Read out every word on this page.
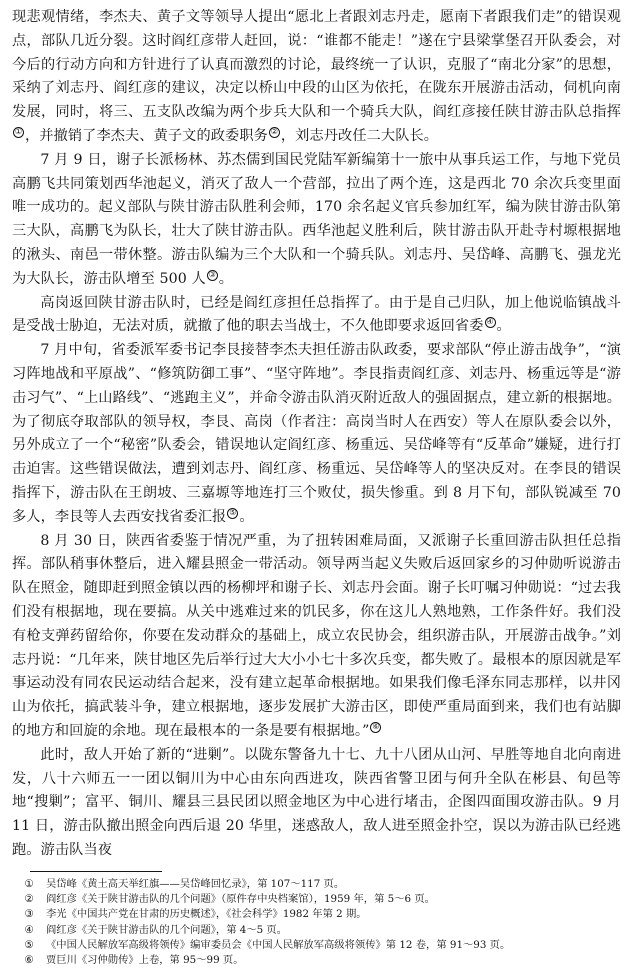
现悲观情绪，李杰夫、黄子文等领导人提出“愿北上者跟刘志丹走，愿南下者跟我们走”的错误观点，部队几近分裂。这时阎红彦带人赶回，说：“谁都不能走！”遂在宁县梁掌堡召开队委会，对今后的行动方向和方针进行了认真而激烈的讨论，最终统一了认识，克服了“南北分家”的思想，采纳了刘志丹、阎红彦的建议，决定以桥山中段的山区为依托，在陇东开展游击活动，伺机向南发展，同时，将三、五支队改编为两个步兵大队和一个骑兵大队，阎红彦接任陕甘游击队总指挥① ，并撤销了李杰夫、黄子文的政委职务 ② ，刘志丹改任二大队长。

7 月 9 日，谢子长派杨林、苏杰儒到国民党陆军新编第十一旅中从事兵运工作，与地下党员高鹏飞共同策划西华池起义，消灭了敌人一个营部，拉出了两个连，这是西北 70 余次兵变里面唯一成功的。起义部队与陕甘游击队胜利会师，170 余名起义官兵参加红军，编为陕甘游击队第三大队，高鹏飞为队长，壮大了陕甘游击队。西华池起义胜利后，陕甘游击队开赴寺村塬根据地的湫头、南邑一带休整。游击队编为三个大队和一个骑兵队。刘志丹、吴岱峰、高鹏飞、强龙光为大队长，游击队增至 500 人 ③ 。

高岗返回陕甘游击队时，已经是阎红彦担任总指挥了。由于是自己归队，加上他说临镇战斗是受战士胁迫，无法对质，就撤了他的职去当战士，不久他即要求返回省委 ④ 。

7 月中旬，省委派军委书记李艮接替李杰夫担任游击队政委，要求部队“停止游击战争”，“演习阵地战和平原战”、“修筑防御工事”、“坚守阵地”。李艮指责阎红彦、刘志丹、杨重远等是“游击习气”、“上山路线”、“逃跑主义”，并命令游击队消灭附近敌人的强固据点，建立新的根据地。为了彻底夺取部队的领导权，李艮、高岗（作者注：高岗当时人在西安）等人在原队委会以外，另外成立了一个“秘密”队委会，错误地认定阎红彦、杨重远、吴岱峰等有“反革命”嫌疑，进行打击迫害。这些错误做法，遭到刘志丹、阎红彦、杨重远、吴岱峰等人的坚决反对。在李艮的错误指挥下，游击队在王朗坡、三嘉塬等地连打三个败仗，损失惨重。到 8 月下旬，部队锐减至 70 多人，李艮等人去西安找省委汇报 ⑤ 。

8 月 30 日，陕西省委鉴于情况严重，为了扭转困难局面，又派谢子长重回游击队担任总指挥。部队稍事休整后，进入耀县照金一带活动。领导两当起义失败后返回家乡的习仲勋听说游击队在照金，随即赶到照金镇以西的杨柳坪和谢子长、刘志丹会面。谢子长叮嘱习仲勋说：“过去我们没有根据地，现在要搞。从关中逃难过来的饥民多，你在这儿人熟地熟，工作条件好。我们没有枪支弹药留给你，你要在发动群众的基础上，成立农民协会，组织游击队，开展游击战争。”刘志丹说：“几年来，陕甘地区先后举行过大大小小七十多次兵变，都失败了。最根本的原因就是军事运动没有同农民运动结合起来，没有建立起革命根据地。如果我们像毛泽东同志那样，以井冈山为依托，搞武装斗争，建立根据地，逐步发展扩大游击区，即使严重局面到来，我们也有站脚的地方和回旋的余地。现在最根本的一条是要有根据地。” ⑥

此时，敌人开始了新的“进剿”。以陇东警备九十七、九十八团从山河、早胜等地自北向南进发，八十六师五一一团以铜川为中心由东向西进攻，陕西省警卫团与何升全队在彬县、旬邑等地“搜剿”；富平、铜川、耀县三县民团以照金地区为中心进行堵击，企图四面围攻游击队。9 月 11 日，游击队撤出照金向西后退 20 华里，迷惑敌人，敌人进至照金扑空，误以为游击队已经逃跑。游击队当夜

①	吴岱峰《黄土高天举红旗——吴岱峰回忆录》，第 107～117 页。
②	阎红彦《关于陕甘游击队的几个问题》（原件存中央档案馆），1959 年，第 5～6 页。
③	李光《中国共产党在甘肃的历史概述》，《社会科学》1982 年第 2 期。
④	阎红彦《关于陕甘游击队的几个问题》，第 4～5 页。
⑤	《中国人民解放军高级将领传》编审委员会《中国人民解放军高级将领传》第 12 卷，第 91～93 页。
⑥	贾巨川《习仲勋传》上卷，第 95～99 页。
